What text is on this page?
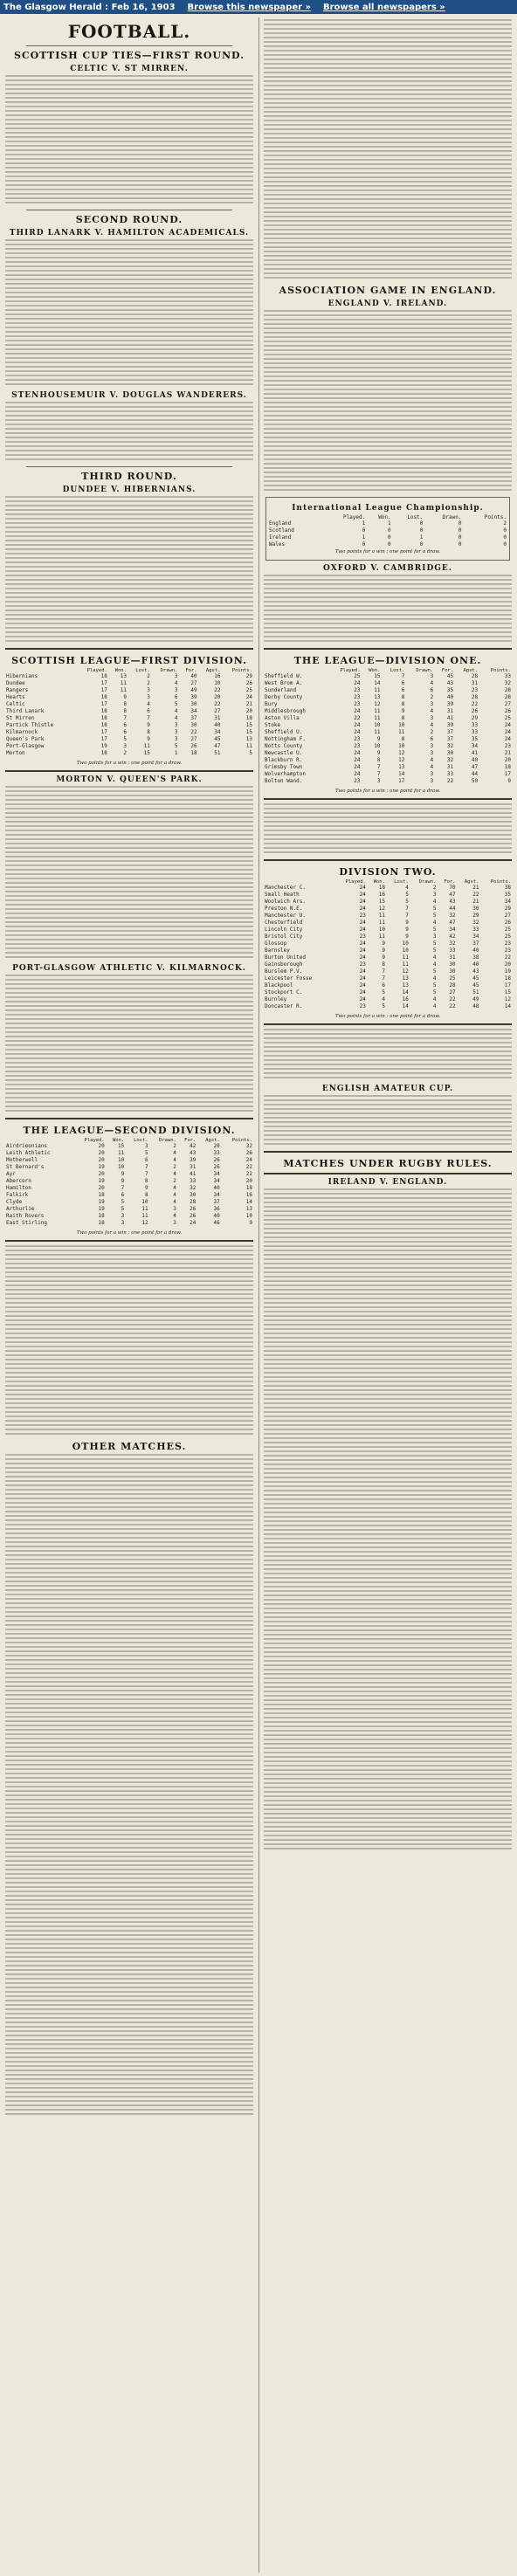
The Glasgow Herald : Feb 16, 1903 Browse this newspaper » Browse all newspapers »
FOOTBALL.
SCOTTISH CUP TIES—FIRST ROUND.
CELTIC V. ST MIRREN.
SECOND ROUND.
THIRD LANARK V. HAMILTON ACADEMICALS.
STENHOUSEMUIR V. DOUGLAS WANDERERS.
THIRD ROUND.
DUNDEE V. HIBERNIANS.
SCOTTISH LEAGUE—FIRST DIVISION.
	Played.	Won.	Lost.	Drawn.	For.	Agst.	Points.
Hibernians	18	13	2	3	40	16	29
Dundee	17	11	2	4	27	10	26
Rangers	17	11	3	3	49	22	25
Hearts	18	9	3	6	39	20	24
Celtic	17	8	4	5	30	22	21
Third Lanark	18	8	6	4	34	27	20
St Mirren	18	7	7	4	37	31	18
Partick Thistle	18	6	9	3	30	40	15
Kilmarnock	17	6	8	3	22	34	15
Queen's Park	17	5	9	3	27	45	13
Port-Glasgow	19	3	11	5	26	47	11
Morton	18	2	15	1	18	51	5
Two points for a win ; one point for a draw.
MORTON V. QUEEN'S PARK.
PORT-GLASGOW ATHLETIC V. KILMARNOCK.
THE LEAGUE—SECOND DIVISION.
	Played.	Won.	Lost.	Drawn.	For.	Agst.	Points.
Airdrieonians	20	15	3	2	42	20	32
Leith Athletic	20	11	5	4	43	33	26
Motherwell	20	10	6	4	39	26	24
St Bernard's	19	10	7	2	31	26	22
Ayr	20	9	7	4	41	34	22
Abercorn	19	9	8	2	33	34	20
Hamilton	20	7	9	4	32	40	18
Falkirk	18	6	8	4	30	34	16
Clyde	19	5	10	4	28	37	14
Arthurlie	19	5	11	3	26	36	13
Raith Rovers	18	3	11	4	26	40	10
East Stirling	18	3	12	3	24	46	9
Two points for a win ; one point for a draw.
OTHER MATCHES.
ASSOCIATION GAME IN ENGLAND.
ENGLAND V. IRELAND.
International League Championship.
	Played.	Won.	Lost.	Drawn.	Points.
England	1	1	0	0	2
Scotland	0	0	0	0	0
Ireland	1	0	1	0	0
Wales	0	0	0	0	0
Two points for a win ; one point for a draw.
OXFORD V. CAMBRIDGE.
THE LEAGUE—DIVISION ONE.
	Played.	Won.	Lost.	Drawn.	For.	Agst.	Points.
Sheffield W.	25	15	7	3	45	28	33
West Brom A.	24	14	6	4	43	31	32
Sunderland	23	11	6	6	35	23	28
Derby County	23	13	8	2	40	28	28
Bury	23	12	8	3	39	22	27
Middlesbrough	24	11	9	4	31	26	26
Aston Villa	22	11	8	3	41	29	25
Stoke	24	10	10	4	39	33	24
Sheffield U.	24	11	11	2	37	33	24
Nottingham F.	23	9	8	6	37	35	24
Notts County	23	10	10	3	32	34	23
Newcastle U.	24	9	12	3	30	41	21
Blackburn R.	24	8	12	4	32	40	20
Grimsby Town	24	7	13	4	31	47	18
Wolverhampton	24	7	14	3	33	44	17
Bolton Wand.	23	3	17	3	22	50	9
Two points for a win ; one point for a draw.
DIVISION TWO.
	Played.	Won.	Lost.	Drawn.	For.	Agst.	Points.
Manchester C.	24	18	4	2	70	21	38
Small Heath	24	16	5	3	47	22	35
Woolwich Ars.	24	15	5	4	43	21	34
Preston N.E.	24	12	7	5	44	30	29
Manchester U.	23	11	7	5	32	29	27
Chesterfield	24	11	9	4	47	32	26
Lincoln City	24	10	9	5	34	33	25
Bristol City	23	11	9	3	42	34	25
Glossop	24	9	10	5	32	37	23
Barnsley	24	9	10	5	33	40	23
Burton United	24	9	11	4	31	38	22
Gainsborough	23	8	11	4	30	40	20
Burslem P.V.	24	7	12	5	30	43	19
Leicester Fosse	24	7	13	4	25	45	18
Blackpool	24	6	13	5	28	45	17
Stockport C.	24	5	14	5	27	51	15
Burnley	24	4	16	4	22	49	12
Doncaster R.	23	5	14	4	22	48	14
Two points for a win ; one point for a draw.
ENGLISH AMATEUR CUP.
MATCHES UNDER RUGBY RULES.
IRELAND V. ENGLAND.
